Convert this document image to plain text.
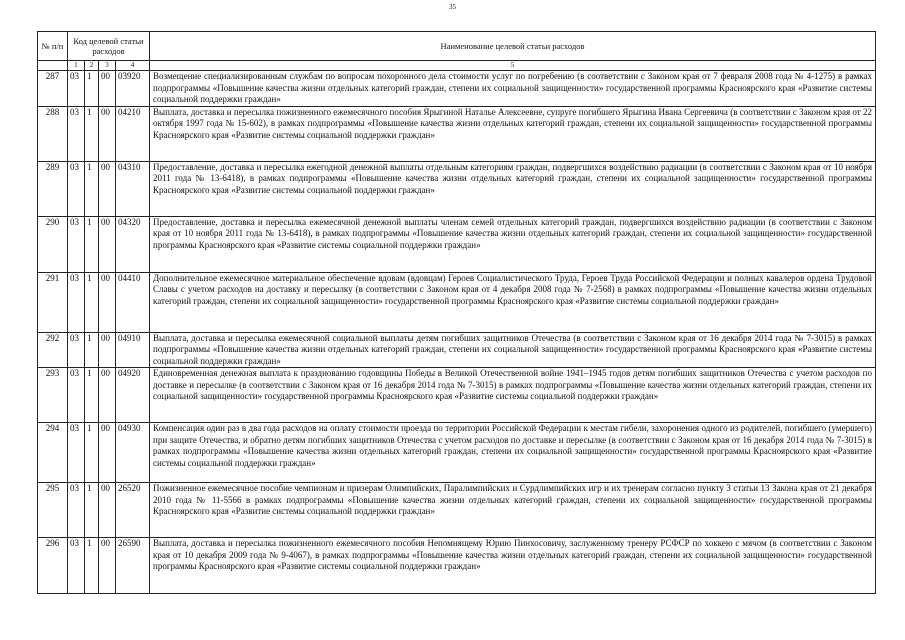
35
№ п/п	Код целевой статьи расходов				Наименование целевой статьи расходов
	1	2	3	4	5
287	03	1	00	03920	Возмещение специализированным службам по вопросам похоронного дела стоимости услуг по погребению (в соответствии с Законом края от 7 февраля 2008 года № 4-1275) в рамках подпрограммы «Повышение качества жизни отдельных категорий граждан, степени их социальной защищенности» государственной программы Красноярского края «Развитие системы социальной поддержки граждан»
288	03	1	00	04210	Выплата, доставка и пересылка пожизненного ежемесячного пособия Ярыгиной Наталье Алексеевне, супруге погибшего Ярыгина Ивана Сергеевича (в соответствии с Законом края от 22 октября 1997 года № 15-602), в рамках подпрограммы «Повышение качества жизни отдельных категорий граждан, степени их социальной защищенности» государственной программы Красноярского края «Развитие системы социальной поддержки граждан»
289	03	1	00	04310	Предоставление, доставка и пересылка ежегодной денежной выплаты отдельным категориям граждан, подвергшихся воздействию радиации (в соответствии с Законом края от 10 ноября 2011 года № 13-6418), в рамках подпрограммы «Повышение качества жизни отдельных категорий граждан, степени их социальной защищенности» государственной программы Красноярского края «Развитие системы социальной поддержки граждан»
290	03	1	00	04320	Предоставление, доставка и пересылка ежемесячной денежной выплаты членам семей отдельных категорий граждан, подвергшихся воздействию радиации (в соответствии с Законом края от 10 ноября 2011 года № 13-6418), в рамках подпрограммы «Повышение качества жизни отдельных категорий граждан, степени их социальной защищенности» государственной программы Красноярского края «Развитие системы социальной поддержки граждан»
291	03	1	00	04410	Дополнительное ежемесячное материальное обеспечение вдовам (вдовцам) Героев Социалистического Труда, Героев Труда Российской Федерации и полных кавалеров ордена Трудовой Славы с учетом расходов на доставку и пересылку (в соответствии с Законом края от 4 декабря 2008 года № 7-2568) в рамках подпрограммы «Повышение качества жизни отдельных категорий граждан, степени их социальной защищенности» государственной программы Красноярского края «Развитие системы социальной поддержки граждан»
292	03	1	00	04910	Выплата, доставка и пересылка ежемесячной социальной выплаты детям погибших защитников Отечества (в соответствии с Законом края от 16 декабря 2014 года № 7-3015) в рамках подпрограммы «Повышение качества жизни отдельных категорий граждан, степени их социальной защищенности» государственной программы Красноярского края «Развитие системы социальной поддержки граждан»
293	03	1	00	04920	Единовременная денежная выплата к празднованию годовщины Победы в Великой Отечественной войне 1941–1945 годов детям погибших защитников Отечества с учетом расходов по доставке и пересылке (в соответствии с Законом края от 16 декабря 2014 года № 7-3015) в рамках подпрограммы «Повышение качества жизни отдельных категорий граждан, степени их социальной защищенности» государственной программы Красноярского края «Развитие системы социальной поддержки граждан»
294	03	1	00	04930	Компенсация один раз в два года расходов на оплату стоимости проезда по территории Российской Федерации к местам гибели, захоронения одного из родителей, погибшего (умершего) при защите Отечества, и обратно детям погибших защитников Отечества с учетом расходов по доставке и пересылке (в соответствии с Законом края от 16 декабря 2014 года № 7-3015) в рамках подпрограммы «Повышение качества жизни отдельных категорий граждан, степени их социальной защищенности» государственной программы Красноярского края «Развитие системы социальной поддержки граждан»
295	03	1	00	26520	Пожизненное ежемесячное пособие чемпионам и призерам Олимпийских, Паралимпийских и Сурдлимпийских игр и их тренерам согласно пункту 3 статьи 13 Закона края от 21 декабря 2010 года № 11-5566 в рамках подпрограммы «Повышение качества жизни отдельных категорий граждан, степени их социальной защищенности» государственной программы Красноярского края «Развитие системы социальной поддержки граждан»
296	03	1	00	26590	Выплата, доставка и пересылка пожизненного ежемесячного пособия Непомнящему Юрию Пинхосовичу, заслуженному тренеру РСФСР по хоккею с мячом (в соответствии с Законом края от 10 декабря 2009 года № 9-4067), в рамках подпрограммы «Повышение качества жизни отдельных категорий граждан, степени их социальной защищенности» государственной программы Красноярского края «Развитие системы социальной поддержки граждан»
